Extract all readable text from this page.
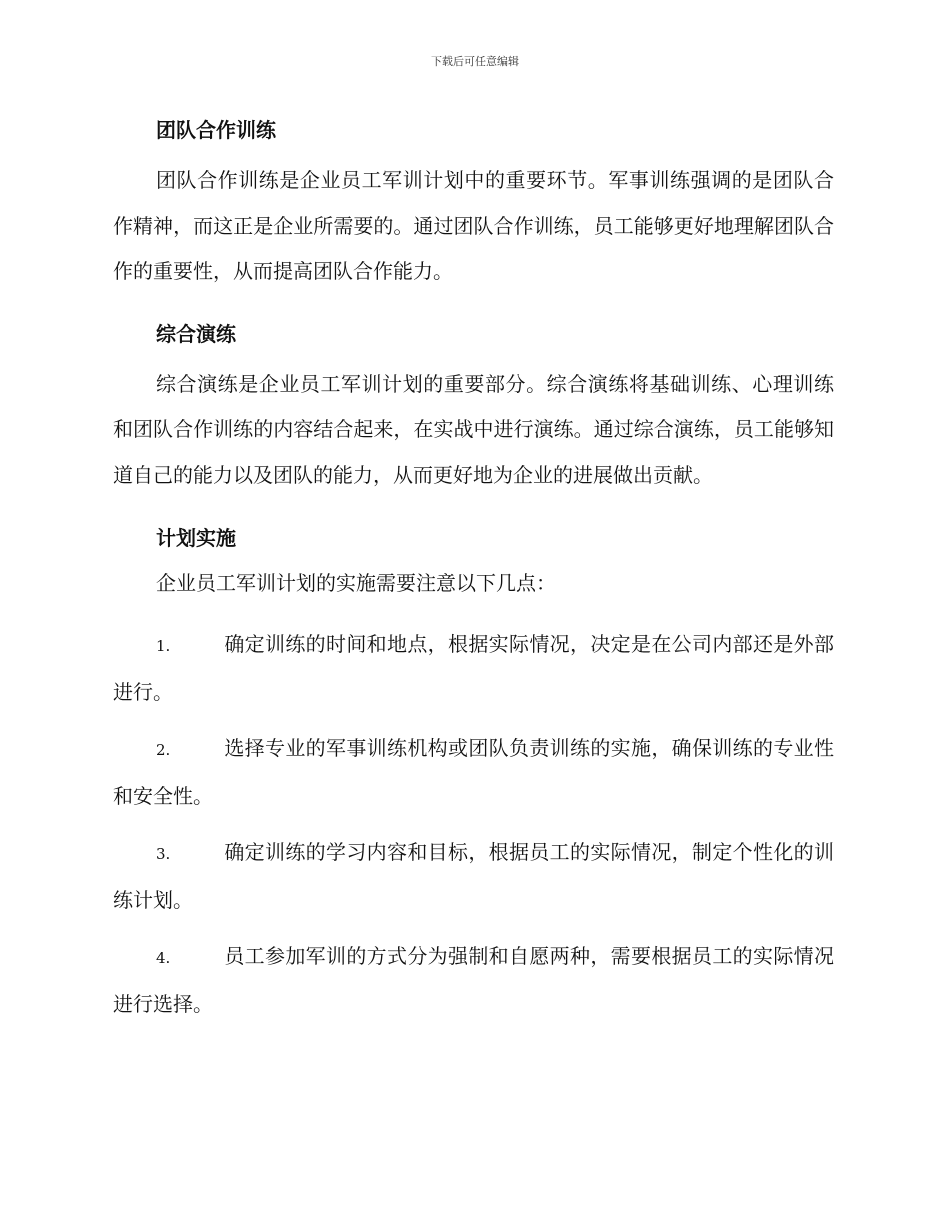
下载后可任意编辑
团队合作训练

团队合作训练是企业员工军训计划中的重要环节。军事训练强调的是团队合作精神，而这正是企业所需要的。通过团队合作训练，员工能够更好地理解团队合作的重要性，从而提高团队合作能力。

综合演练

综合演练是企业员工军训计划的重要部分。综合演练将基础训练、心理训练和团队合作训练的内容结合起来，在实战中进行演练。通过综合演练，员工能够知道自己的能力以及团队的能力，从而更好地为企业的进展做出贡献。

计划实施

企业员工军训计划的实施需要注意以下几点：

1.	确定训练的时间和地点，根据实际情况，决定是在公司内部还是外部进行。

2.	选择专业的军事训练机构或团队负责训练的实施，确保训练的专业性和安全性。

3.	确定训练的学习内容和目标，根据员工的实际情况，制定个性化的训练计划。

4.	员工参加军训的方式分为强制和自愿两种，需要根据员工的实际情况进行选择。
